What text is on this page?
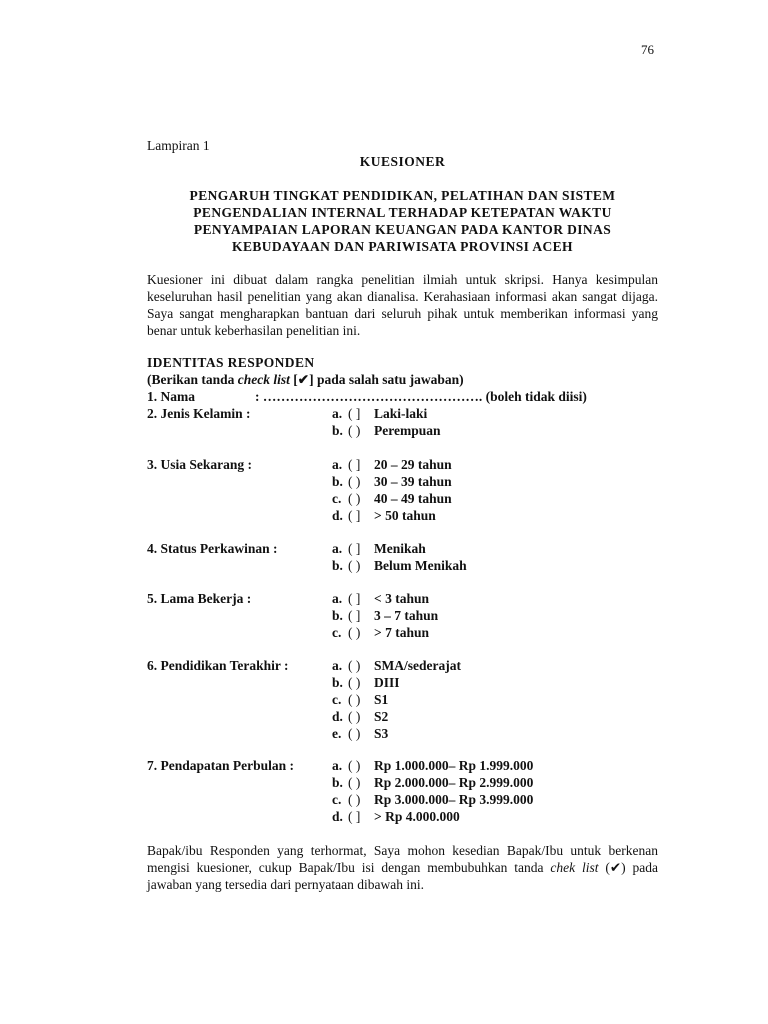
76
Lampiran 1
KUESIONER
PENGARUH TINGKAT PENDIDIKAN, PELATIHAN DAN SISTEM
PENGENDALIAN INTERNAL TERHADAP KETEPATAN WAKTU
PENYAMPAIAN LAPORAN KEUANGAN PADA KANTOR DINAS
KEBUDAYAAN DAN PARIWISATA PROVINSI ACEH
Kuesioner ini dibuat dalam rangka penelitian ilmiah untuk skripsi. Hanya kesimpulan keseluruhan hasil penelitian yang akan dianalisa. Kerahasiaan informasi akan sangat dijaga. Saya sangat mengharapkan bantuan dari seluruh pihak untuk memberikan informasi yang benar untuk keberhasilan penelitian ini.
IDENTITAS RESPONDEN
(Berikan tanda check list [✔] pada salah satu jawaban)
1. Nama	: …………………………………………. (boleh tidak diisi)
2. Jenis Kelamin :	a. ( ] Laki-laki
b. ( ) Perempuan
3. Usia Sekarang :	a. ( ] 20 – 29 tahun
b. ( ) 30 – 39 tahun
c. ( ) 40 – 49 tahun
d. ( ] > 50 tahun
4. Status Perkawinan :	a. ( ] Menikah
b. ( ) Belum Menikah
5. Lama Bekerja :	a. ( ] < 3 tahun
b. ( ] 3 – 7 tahun
c. ( ) > 7 tahun
6. Pendidikan Terakhir :	a. ( ) SMA/sederajat
b. ( ) DIII
c. ( ) S1
d. ( ) S2
e. ( ) S3
7. Pendapatan Perbulan :	a. ( ) Rp 1.000.000– Rp 1.999.000
b. ( ) Rp 2.000.000– Rp 2.999.000
c. ( ) Rp 3.000.000– Rp 3.999.000
d. ( ] > Rp 4.000.000
Bapak/ibu Responden yang terhormat, Saya mohon kesedian Bapak/Ibu untuk berkenan mengisi kuesioner, cukup Bapak/Ibu isi dengan membubuhkan tanda chek list (✔) pada jawaban yang tersedia dari pernyataan dibawah ini.
